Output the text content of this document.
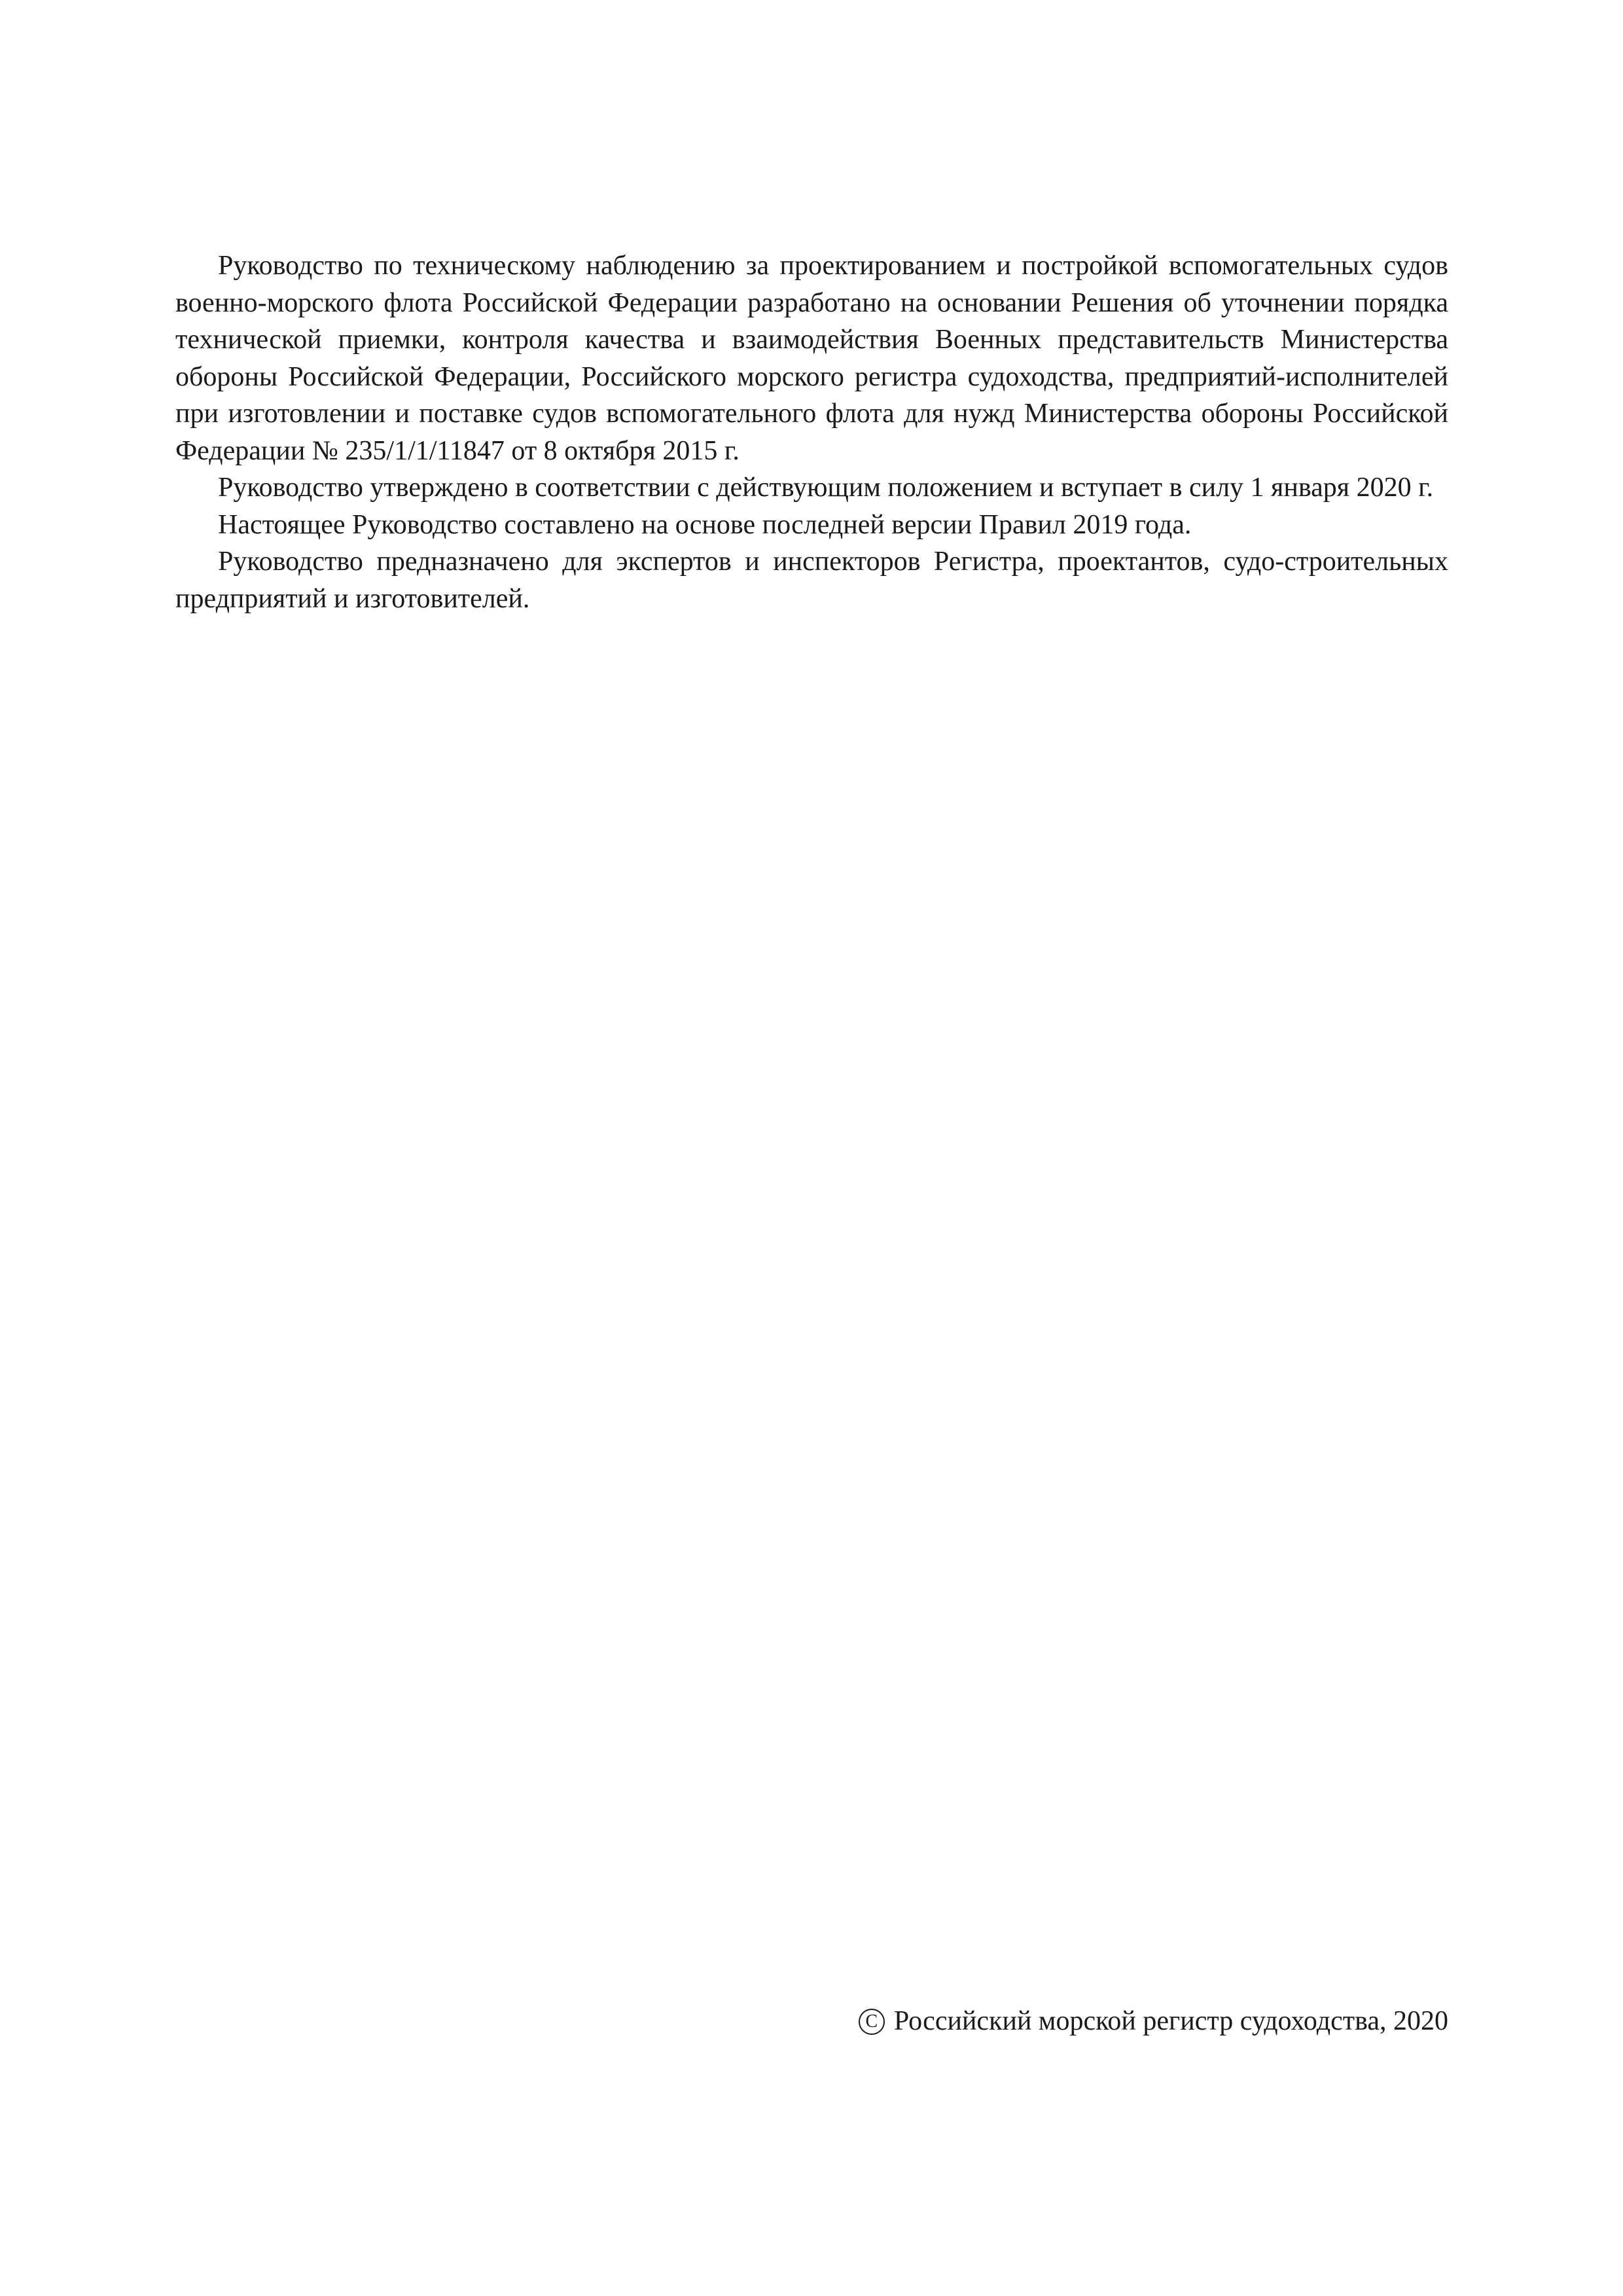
Руководство по техническому наблюдению за проектированием и постройкой вспомогательных судов военно-морского флота Российской Федерации разработано на основании Решения об уточнении порядка технической приемки, контроля качества и взаимодействия Военных представительств Министерства обороны Российской Федерации, Российского морского регистра судоходства, предприятий-исполнителей при изготовлении и поставке судов вспомогательного флота для нужд Министерства обороны Российской Федерации № 235/1/1/11847 от 8 октября 2015 г.

Руководство утверждено в соответствии с действующим положением и вступает в силу 1 января 2020 г.

Настоящее Руководство составлено на основе последней версии Правил 2019 года.

Руководство предназначено для экспертов и инспекторов Регистра, проектантов, судо-​строительных предприятий и изготовителей.

C Российский морской регистр судоходства, 2020
